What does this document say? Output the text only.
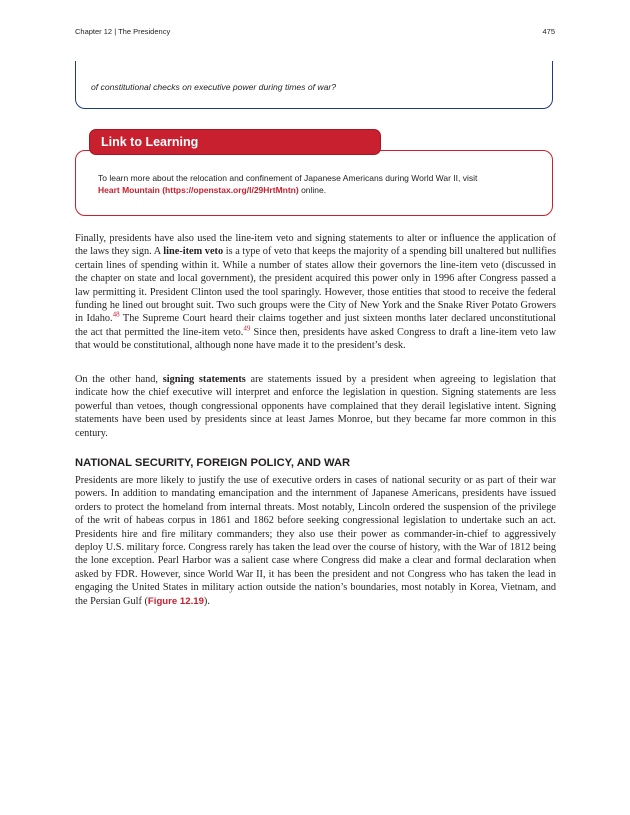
Chapter 12 | The Presidency	475
of constitutional checks on executive power during times of war?
To learn more about the relocation and confinement of Japanese Americans during World War II, visit
Heart Mountain (https://openstax.org/l/29HrtMntn) online.
Link to Learning

Finally, presidents have also used the line-item veto and signing statements to alter or influence the application of the laws they sign. A line-item veto is a type of veto that keeps the majority of a spending bill unaltered but nullifies certain lines of spending within it. While a number of states allow their governors the line-item veto (discussed in the chapter on state and local government), the president acquired this power only in 1996 after Congress passed a law permitting it. President Clinton used the tool sparingly. However, those entities that stood to receive the federal funding he lined out brought suit. Two such groups were the City of New York and the Snake River Potato Growers in Idaho.$^{48}$ The Supreme Court heard their claims together and just sixteen months later declared unconstitutional the act that permitted the line-item veto.$^{49}$ Since then, presidents have asked Congress to draft a line-item veto law that would be constitutional, although none have made it to the president’s desk.

On the other hand, signing statements are statements issued by a president when agreeing to legislation that indicate how the chief executive will interpret and enforce the legislation in question. Signing statements are less powerful than vetoes, though congressional opponents have complained that they derail legislative intent. Signing statements have been used by presidents since at least James Monroe, but they became far more common in this century.

NATIONAL SECURITY, FOREIGN POLICY, AND WAR

Presidents are more likely to justify the use of executive orders in cases of national security or as part of their war powers. In addition to mandating emancipation and the internment of Japanese Americans, presidents have issued orders to protect the homeland from internal threats. Most notably, Lincoln ordered the suspension of the privilege of the writ of habeas corpus in 1861 and 1862 before seeking congressional legislation to undertake such an act. Presidents hire and fire military commanders; they also use their power as commander-in-chief to aggressively deploy U.S. military force. Congress rarely has taken the lead over the course of history, with the War of 1812 being the lone exception. Pearl Harbor was a salient case where Congress did make a clear and formal declaration when asked by FDR. However, since World War II, it has been the president and not Congress who has taken the lead in engaging the United States in military action outside the nation’s boundaries, most notably in Korea, Vietnam, and the Persian Gulf (Figure 12.19).
